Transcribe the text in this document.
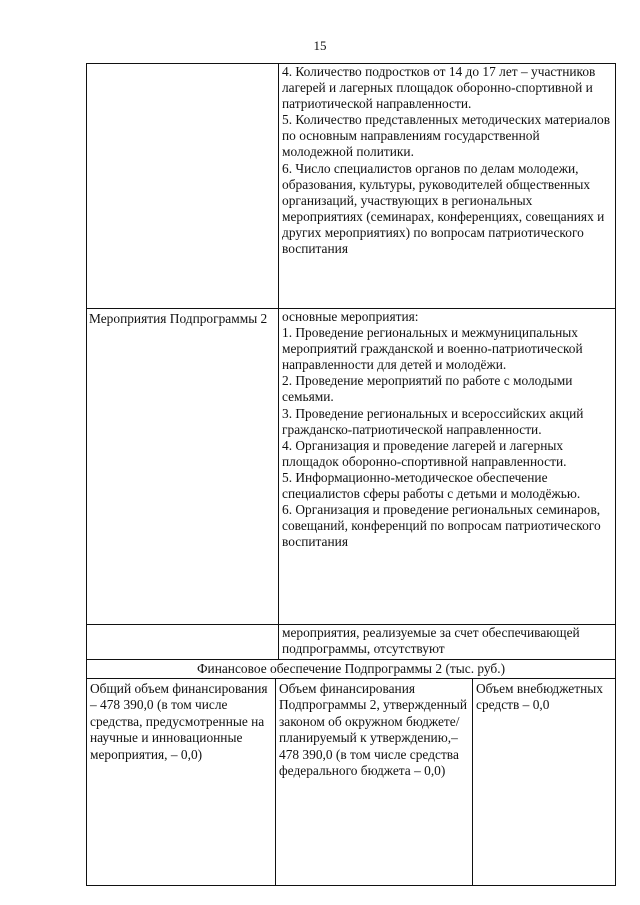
15

4. Количество подростков от 14 до 17 лет – участников лагерей и лагерных площадок оборонно-спортивной и патриотической направленности.

5. Количество представленных методических материалов по основным направлениям государственной молодежной политики.

6. Число специалистов органов по делам молодежи, образования, культуры, руководителей общественных организаций, участвующих в региональных мероприятиях (семинарах, конференциях, совещаниях и других мероприятиях) по вопросам патриотического воспитания

Мероприятия Подпрограммы 2	основные мероприятия:

1. Проведение региональных и межмуниципальных мероприятий гражданской и военно-патриотической направленности для детей и молодёжи.

2. Проведение мероприятий по работе с молодыми семьями.

3. Проведение региональных и всероссийских акций гражданско-патриотической направленности.

4. Организация и проведение лагерей и лагерных площадок оборонно-спортивной направленности.

5. Информационно-методическое обеспечение специалистов сферы работы с детьми и молодёжью.

6. Организация и проведение региональных семинаров, совещаний, конференций по вопросам патриотического воспитания

мероприятия, реализуемые за счет обеспечивающей подпрограммы, отсутствуют
Финансовое обеспечение Подпрограммы 2 (тыс. руб.)
Общий объем финансирования – 478 390,0 (в том числе средства, предусмотренные на научные и инновационные мероприятия, – 0,0)
Объем финансирования Подпрограммы 2, утвержденный законом об окружном бюджете/ планируемый к утверждению,– 478 390,0 (в том числе средства федерального бюджета – 0,0)
Объем внебюджетных средств – 0,0
